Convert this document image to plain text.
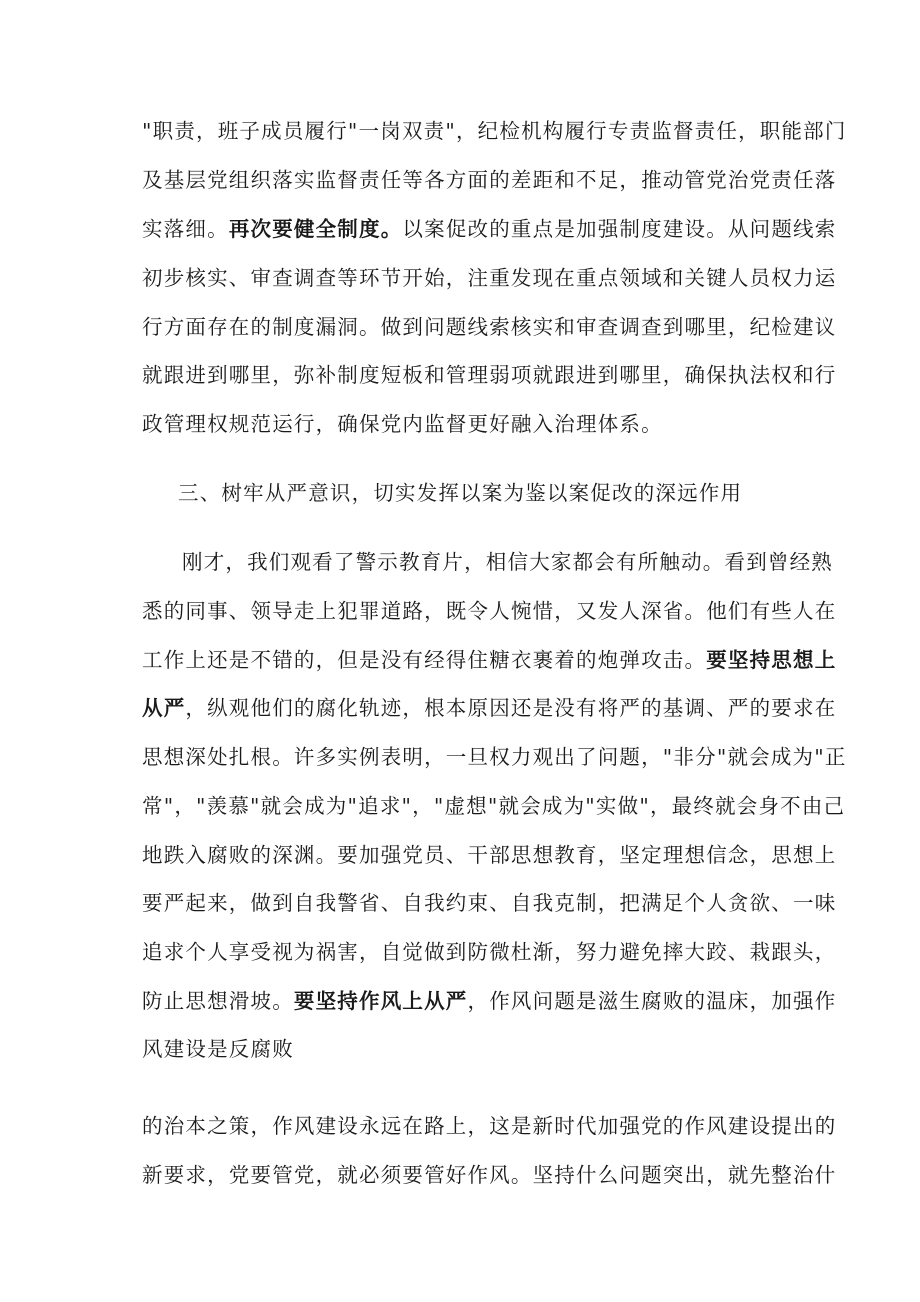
"职责，班子成员履行"一岗双责"，纪检机构履行专责监督责任，职能部门
及基层党组织落实监督责任等各方面的差距和不足，推动管党治党责任落
实落细。再次要健全制度。以案促改的重点是加强制度建设。从问题线索
初步核实、审查调查等环节开始，注重发现在重点领域和关键人员权力运
行方面存在的制度漏洞。做到问题线索核实和审查调查到哪里，纪检建议
就跟进到哪里，弥补制度短板和管理弱项就跟进到哪里，确保执法权和行
政管理权规范运行，确保党内监督更好融入治理体系。
三、树牢从严意识，切实发挥以案为鉴以案促改的深远作用
刚才，我们观看了警示教育片，相信大家都会有所触动。看到曾经熟
悉的同事、领导走上犯罪道路，既令人惋惜，又发人深省。他们有些人在
工作上还是不错的，但是没有经得住糖衣裹着的炮弹攻击。要坚持思想上
从严，纵观他们的腐化轨迹，根本原因还是没有将严的基调、严的要求在
思想深处扎根。许多实例表明，一旦权力观出了问题，"非分"就会成为"正
常"，"羡慕"就会成为"追求"，"虚想"就会成为"实做"，最终就会身不由己
地跌入腐败的深渊。要加强党员、干部思想教育，坚定理想信念，思想上
要严起来，做到自我警省、自我约束、自我克制，把满足个人贪欲、一味
追求个人享受视为祸害，自觉做到防微杜渐，努力避免摔大跤、栽跟头，
防止思想滑坡。要坚持作风上从严，作风问题是滋生腐败的温床，加强作
风建设是反腐败
的治本之策，作风建设永远在路上，这是新时代加强党的作风建设提出的
新要求，党要管党，就必须要管好作风。坚持什么问题突出，就先整治什
